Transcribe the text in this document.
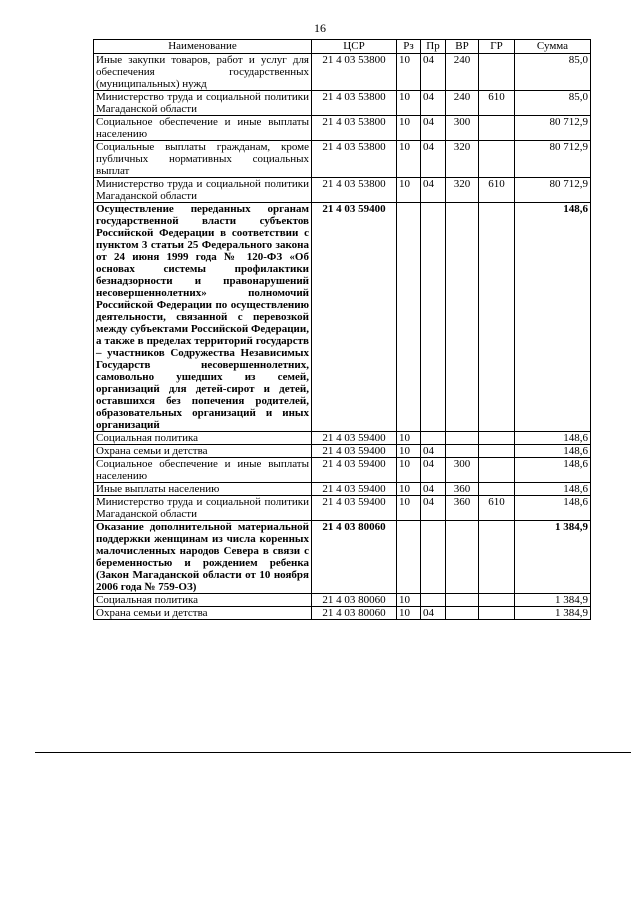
16
Наименование	ЦСР	Рз	Пр	ВР	ГР	Сумма
Иные закупки товаров, работ и услуг для обеспечения государственных (муниципальных) нужд	21 4 03 53800	10	04	240		85,0
Министерство труда и социальной политики Магаданской области	21 4 03 53800	10	04	240	610	85,0
Социальное обеспечение и иные выплаты населению	21 4 03 53800	10	04	300		80 712,9
Социальные выплаты гражданам, кроме публичных нормативных социальных выплат	21 4 03 53800	10	04	320		80 712,9
Министерство труда и социальной политики Магаданской области	21 4 03 53800	10	04	320	610	80 712,9
Осуществление переданных органам государственной власти субъектов Российской Федерации в соответствии с пунктом 3 статьи 25 Федерального закона от 24 июня 1999 года № 120-ФЗ «Об основах системы профилактики безнадзорности и правонарушений несовершеннолетних» полномочий Российской Федерации по осуществлению деятельности, связанной с перевозкой между субъектами Российской Федерации, а также в пределах территорий государств – участников Содружества Независимых Государств несовершеннолетних, самовольно ушедших из семей, организаций для детей-сирот и детей, оставшихся без попечения родителей, образовательных организаций и иных организаций	21 4 03 59400					148,6
Социальная политика	21 4 03 59400	10				148,6
Охрана семьи и детства	21 4 03 59400	10	04			148,6
Социальное обеспечение и иные выплаты населению	21 4 03 59400	10	04	300		148,6
Иные выплаты населению	21 4 03 59400	10	04	360		148,6
Министерство труда и социальной политики Магаданской области	21 4 03 59400	10	04	360	610	148,6
Оказание дополнительной материальной поддержки женщинам из числа коренных малочисленных народов Севера в связи с беременностью и рождением ребенка (Закон Магаданской области от 10 ноября 2006 года № 759-ОЗ)	21 4 03 80060					1 384,9
Социальная политика	21 4 03 80060	10				1 384,9
Охрана семьи и детства	21 4 03 80060	10	04			1 384,9
